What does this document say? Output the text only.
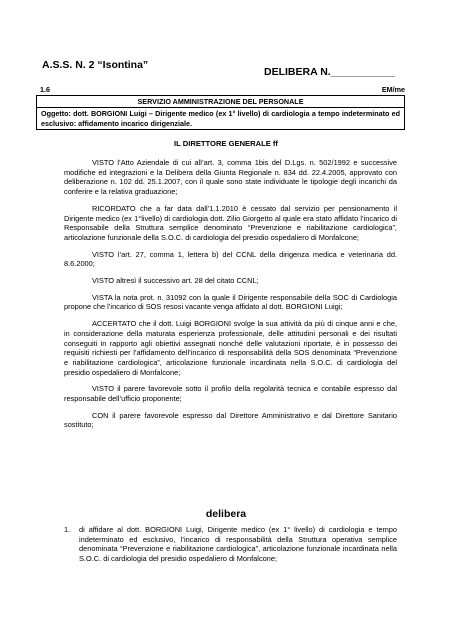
A.S.S. N. 2 “Isontina”
DELIBERA N.___________
1.6	EM/me
SERVIZIO AMMINISTRAZIONE DEL PERSONALE
Oggetto: dott. BORGIONI Luigi – Dirigente medico (ex 1° livello) di cardiologia a tempo indeterminato ed esclusivo: affidamento incarico dirigenziale.
IL DIRETTORE GENERALE ff

VISTO l’Atto Aziendale di cui all’art. 3, comma 1bis del D.Lgs. n. 502/1992 e successive modifiche ed integrazioni e la Delibera della Giunta Regionale n. 834 dd. 22.4.2005, approvato con deliberazione n. 102 dd. 25.1.2007, con il quale sono state individuate le tipologie degli incarichi da conferire e la relativa graduazione;

RICORDATO che a far data dall’1.1.2010 è cessato dal servizio per pensionamento il Dirigente medico (ex 1°livello) di cardiologia dott. Zilio Giorgetto al quale era stato affidato l’incarico di Responsabile della Struttura semplice denominato “Prevenzione e riabilitazione cardiologica”, articolazione funzionale della S.O.C. di cardiologia del presidio ospedaliero di Monfalcone;

VISTO l’art. 27, comma 1, lettera b) del CCNL della dirigenza medica e veterinaria dd. 8.6.2000;

VISTO altresì il successivo art. 28 del citato CCNL;

VISTA la nota prot. n. 31092 con la quale il Dirigente responsabile della SOC di Cardiologia propone che l’incarico di SOS resosi vacante venga affidato al dott. BORGIONI Luigi;

ACCERTATO che il dott. Luigi BORGIONI svolge la sua attività da più di cinque anni e che, in considerazione della maturata esperienza professionale, delle attitudini personali e dei risultati conseguiti in rapporto agli obiettivi assegnati nonché delle valutazioni riportate, è in possesso dei requisiti richiesti per l’affidamento dell’incarico di responsabilità della SOS denominata “Prevenzione e riabilitazione cardiologica”, articolazione funzionale incardinata nella S.O.C. di cardiologia del presidio ospedaliero di Monfalcone;

VISTO il parere favorevole sotto il profilo della regolarità tecnica e contabile espresso dal responsabile dell’ufficio proponente;

CON il parere favorevole espresso dal Direttore Amministrativo e dal Direttore Sanitario sostituto;

delibera
1. di affidare al dott. BORGIONI Luigi, Dirigente medico (ex 1° livello) di cardiologia e tempo indeterminato ed esclusivo, l’incarico di responsabilità della Struttura operativa semplice denominata “Prevenzione e riabilitazione cardiologica”, articolazione funzionale incardinata nella S.O.C. di cardiologia del presidio ospedaliero di Monfalcone;
